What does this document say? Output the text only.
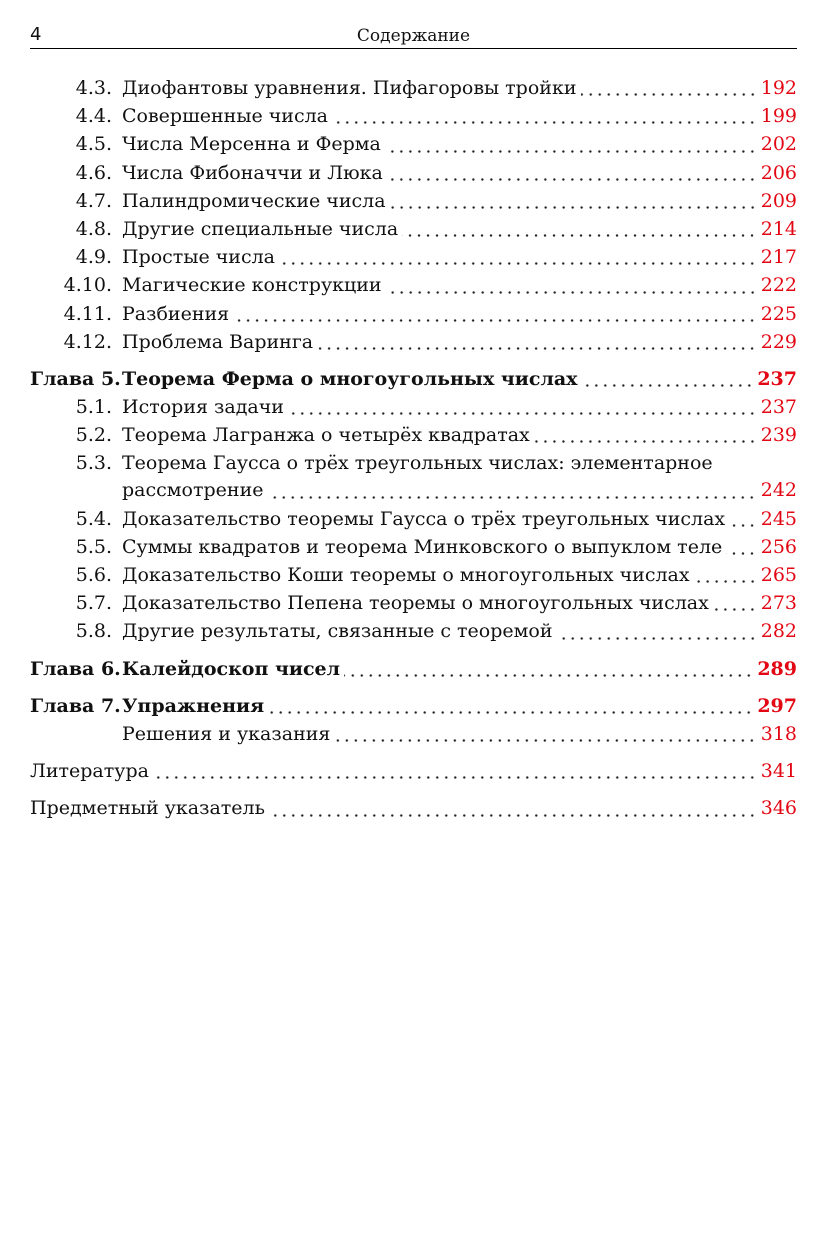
4	Содержание
4.3. Диофантовы уравнения. Пифагоровы тройки	192
4.4. Совершенные числа	199
4.5. Числа Мерсенна и Ферма	202
4.6. Числа Фибоначчи и Люка	206
4.7. Палиндромические числа	209
4.8. Другие специальные числа	214
4.9. Простые числа	217
4.10. Магические конструкции	222
4.11. Разбиения	225
4.12. Проблема Варинга	229
Глава 5. Теорема Ферма о многоугольных числах	237
5.1. История задачи	237
5.2. Теорема Лагранжа о четырёх квадратах	239
5.3. Теорема Гаусса о трёх треугольных числах: элементарное
рассмотрение	242
5.4. Доказательство теоремы Гаусса о трёх треугольных числах 245
5.5. Суммы квадратов и теорема Минковского о выпуклом теле 256
5.6. Доказательство Коши теоремы о многоугольных числах	265
5.7. Доказательство Пепена теоремы о многоугольных числах	273
5.8. Другие результаты, связанные с теоремой	282
Глава 6. Калейдоскоп чисел	289
Глава 7. Упражнения	297
Решения и указания	318
Литература	341
Предметный указатель	346
